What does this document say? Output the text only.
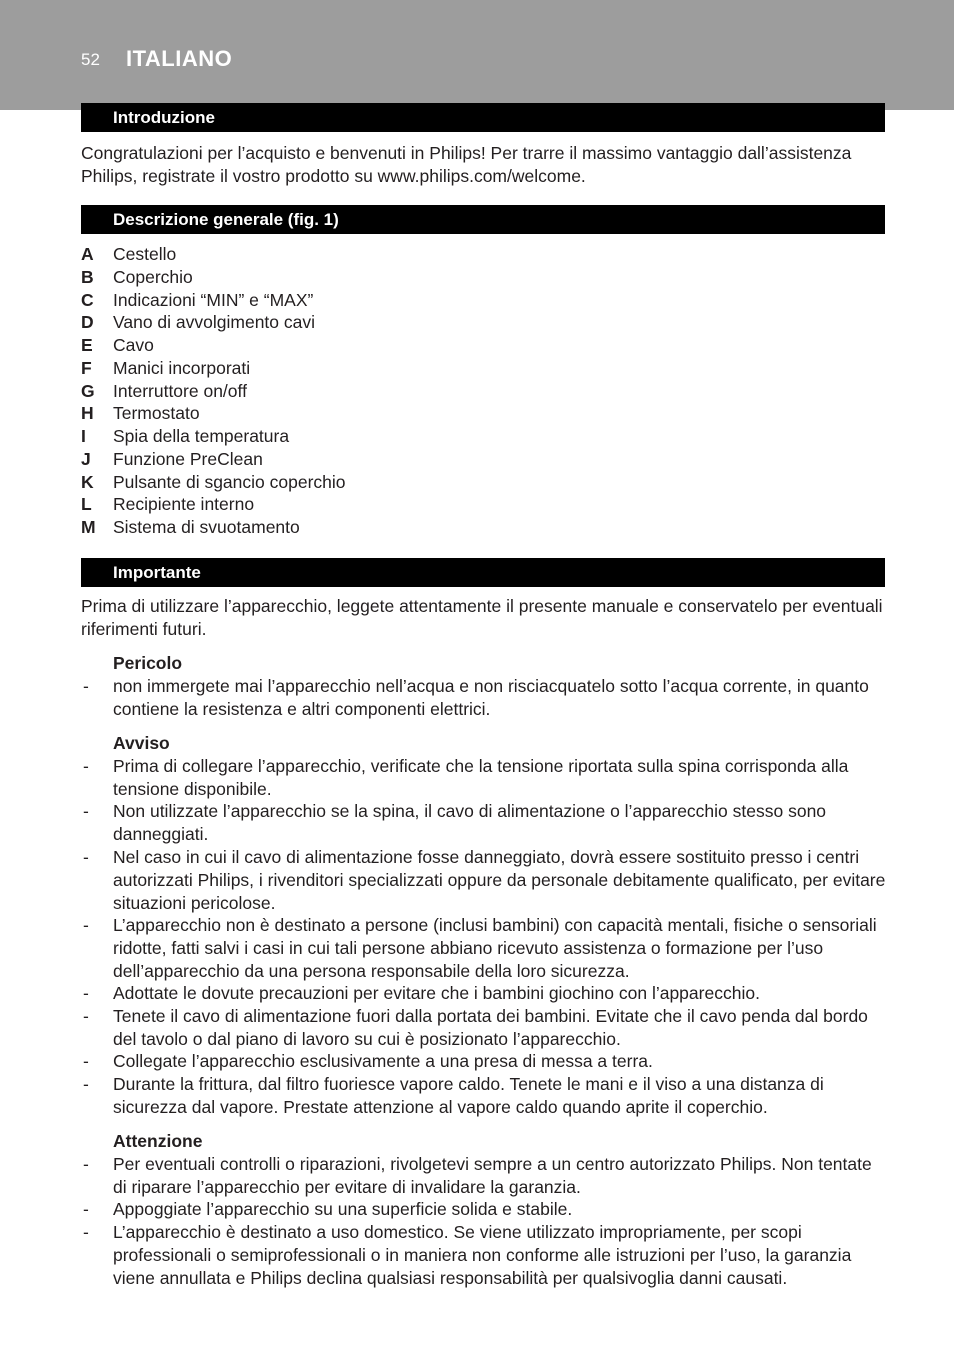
52 ITALIANO
Introduzione
Congratulazioni per l’acquisto e benvenuti in Philips! Per trarre il massimo vantaggio dall’assistenza Philips, registrate il vostro prodotto su www.philips.com/welcome.
Descrizione generale (fig. 1)
A Cestello
B Coperchio
C Indicazioni “MIN” e “MAX”
D Vano di avvolgimento cavi
E Cavo
F Manici incorporati
G Interruttore on/off
H Termostato
I Spia della temperatura
J Funzione PreClean
K Pulsante di sgancio coperchio
L Recipiente interno
M Sistema di svuotamento
Importante
Prima di utilizzare l’apparecchio, leggete attentamente il presente manuale e conservatelo per eventuali riferimenti futuri.
Pericolo
- non immergete mai l’apparecchio nell’acqua e non risciacquatelo sotto l’acqua corrente, in quanto contiene la resistenza e altri componenti elettrici.
Avviso
- Prima di collegare l’apparecchio, verificate che la tensione riportata sulla spina corrisponda alla tensione disponibile.
- Non utilizzate l’apparecchio se la spina, il cavo di alimentazione o l’apparecchio stesso sono danneggiati.
- Nel caso in cui il cavo di alimentazione fosse danneggiato, dovrà essere sostituito presso i centri autorizzati Philips, i rivenditori specializzati oppure da personale debitamente qualificato, per evitare situazioni pericolose.
- L’apparecchio non è destinato a persone (inclusi bambini) con capacità mentali, fisiche o sensoriali ridotte, fatti salvi i casi in cui tali persone abbiano ricevuto assistenza o formazione per l’uso dell’apparecchio da una persona responsabile della loro sicurezza.
- Adottate le dovute precauzioni per evitare che i bambini giochino con l’apparecchio.
- Tenete il cavo di alimentazione fuori dalla portata dei bambini. Evitate che il cavo penda dal bordo del tavolo o dal piano di lavoro su cui è posizionato l’apparecchio.
- Collegate l’apparecchio esclusivamente a una presa di messa a terra.
- Durante la frittura, dal filtro fuoriesce vapore caldo. Tenete le mani e il viso a una distanza di sicurezza dal vapore. Prestate attenzione al vapore caldo quando aprite il coperchio.
Attenzione
- Per eventuali controlli o riparazioni, rivolgetevi sempre a un centro autorizzato Philips. Non tentate di riparare l’apparecchio per evitare di invalidare la garanzia.
- Appoggiate l’apparecchio su una superficie solida e stabile.
- L’apparecchio è destinato a uso domestico. Se viene utilizzato impropriamente, per scopi professionali o semiprofessionali o in maniera non conforme alle istruzioni per l’uso, la garanzia viene annullata e Philips declina qualsiasi responsabilità per qualsivoglia danni causati.
